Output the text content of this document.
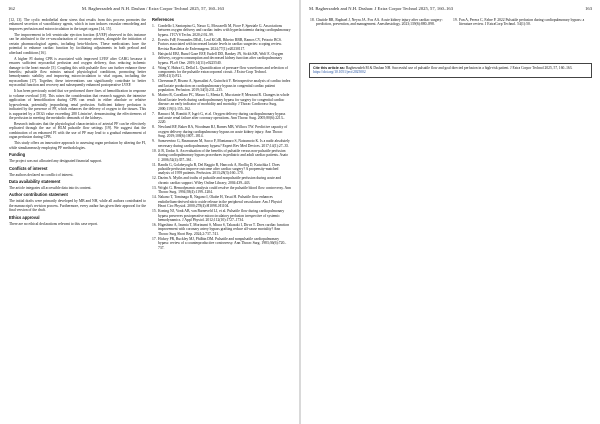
162	M. Bagherzadeh and N.H. Dashan / Extra Corpor Technol 2025, 57, 160–163

[12, 13]. The cyclic endothelial shear stress that results from this process promotes the enhanced secretion of vasodilatory agents, which in turn induces vascular remodeling and improves perfusion and microcirculation in the target organs [14, 15].

The improvement in left ventricular ejection fraction (LVEF) observed in this instance can be attributed to the re-vascularization of coronary arteries, alongside the initiation of certain pharmacological agents, including beta-blockers. These medications have the potential to enhance cardiac function by facilitating adjustments in both preload and afterload conditions [16].

A higher FI during CPB is associated with improved LVEF after CABG because it ensures sufficient myocardial perfusion and oxygen delivery, thus reducing ischemic damage to the heart muscle [5]. Coupling this with pulsatile flow can further enhance these benefits; pulsatile flow mimics natural physiological conditions, promoting better hemodynamic stability and improving microcirculation to vital organs, including the myocardium [17]. Together, these interventions can significantly contribute to better myocardial function and recovery and subsequently enhanced postoperative LVEF.

It has been previously noted that we performed three fixes of hemofiltration in response to volume overload [18]. This raises the consideration that research suggests the intensive application of hemofiltration during CPB can result in either absolute or relative hypovolemia, potentially jeopardizing renal perfusion. Sufficient kidney perfusion is indicated by the presence of PF, which enhances the delivery of oxygen to the tissues. This is supported by a DO2i value exceeding 280 L/min/m², demonstrating the effectiveness of the perfusion in meeting the metabolic demands of the kidneys.

Research indicates that the physiological characteristics of arterial PF can be effectively replicated through the use of HLM pulsatile flow settings [19]. We suggest that the combination of an enhanced FI with the use of PF may lead to a gradual enhancement of organ perfusion during CPB.

This study offers an innovative approach to assessing organ perfusion by altering the FI, while simultaneously employing PF methodologies.

Funding

The project was not allocated any designated financial support.

Conflicts of interest

The authors declared no conflict of interest.

Data availability statement

The article integrates all accessible data into its content.

Author contribution statement

The initial drafts were primarily developed by MB and NH, while all authors contributed to the manuscript's revision process. Furthermore, every author has given their approval for the final version of the draft.

Ethics approval

There are no ethical declarations relevant to this case report.

References
1. Condello I, Santarpino G, Nasso G, Moscarelli M, Fiore F, Speziale G. Associations between oxygen delivery and cardiac index with hyperlactatemia during cardiopulmonary bypass. JTCVS Techn. 2020;2:92–99.
2. Ecevits FdF, Fernandes DEdL, Leal KCdR, Ribeiro RBB, Ramos CV, Peixoto BCS. Factors associated with increased lactate levels in cardiac surgeries: scoping review. Revista Brasileira de Enfermagem. 2024;77(1):e20230117.
3. Haisjackl EBJ, Bunzl Gaze EEF, Eudell DD, Bankey JN, Sickh KB, Wolf E. Oxygen delivery, oxygen consumption and decreased kidney function after cardiopulmonary bypass. PLoS One. 2019;14(11):e0225540.
4. Wang Y, Hahra G, Dellal L. Quantification of pressure-flow waveforms and selection of components for the pulsatile extracorporeal circuit. J Extra-Corp Technol. 2009;41(1):P21.
5. Cheesman P, Bisono A, Spassalini A, Guinchrit Y. Retrospective analysis of cardiac index and lactate production on cardiopulmonary bypass in congenital cardiac patient population. Perfusion. 2019;34(3):231–235.
6. Matteo R, Cavallaro PC, Mauro G, Menta E, Mucciante P, Mezzani R. Changes in whole blood lactate levels during cardiopulmonary bypass for surgery for congenital cardiac disease: an early indicator of morbidity and mortality. J Thorac Cardiovasc Surg. 2000;119(1):155–162.
7. Ranucci M, Romitti F, Isgrò G, et al. Oxygen delivery during cardiopulmonary bypass and acute renal failure after coronary operations. Ann Thorac Surg. 2005;80(6):2213–2220.
8. Newland RF, Baker RA, Woodman RJ, Barnes MB, Willcox TW. Predictive capacity of oxygen delivery during cardiopulmonary bypass on acute kidney injury. Ann Thorac Surg. 2019;108(6):1807–1814.
9. Sanseverino G, Rasmussen M, Sacco F, Montanaro S, Natsumoto K. Is a nadir absolutely necessary during cardiopulmonary bypass? Expert Rev Med Devices. 2017;14(1):27–35.
10. Ji B, Undar A. An evaluation of the benefits of pulsatile versus non-pulsatile perfusion during cardiopulmonary bypass procedures in pediatric and adult cardiac patients. Asaio J. 2006;52(4):357–361.
11. Randis G, Golabeyoglu B, Del Raggio R, Hancock A, Brolliq D, Katschka J. Does pulsatile perfusion improve outcome after cardiac surgery? A propensity-matched analysis of 1959 patients. Perfusion. 2013;28(3):160–170.
12. Dazim A. Myths and truths of pulsatile and nonpulsatile perfusion during acute and chronic cardiac support. Wiley Online Library; 2004:439–443.
13. Wright G. Hemodynamic analysis could resolve the pulsatile blood flow controversy. Ann Thorac Surg. 1994;58(4):1199–1204.
14. Nakano T, Tominaga R, Nagano I, Okabe H, Yasui H. Pulsatile flow enhances endothelium-derived nitric oxide release in the peripheral vasculature. Am J Physiol Heart Circ Physiol. 2000;278(4):H1098–H1104.
15. Koning NJ, Vonk AB, van Barneveld LJ, et al. Pulsatile flow during cardiopulmonary bypass preserves postoperative microcirculatory perfusion irrespective of systemic hemodynamics. J Appl Physiol. 2012;112(10):1727–1734.
16. Higashino A, Izumia T, Morizumi S, Miura S, Takasaki I, Dirva T. Does cardiac function improvement with coronary artery bypass grafting reduce all-cause mortality? Ann Thorac Surg Short Rep. 2024;2:737–741.
17. Hickey PR, Buckley MJ, Philbin DM. Pulsatile and nonpulsatile cardiopulmonary bypass: review of a counterproductive controversy. Ann Thorac Surg. 1983;36(6):720–737.
M. Bagherzadeh and N.H. Dashan: J Extra Corpor Technol 2025, 57, 160–163	163
18. Chutide BR, Raphael J, Neyra JA. Fox AA. Acute kidney injury after cardiac surgery: prediction, prevention, and management. Anesthesiology. 2023;139(6):880–898.
19. Fan A, Perera C, Fabre P. 2022 Pulsatile perfusion during cardiopulmonary bypass: a literature review. J ExtraCorp Technol. 54(1):50.
Cite this article as: Bagherzadeh M & Dashan NH. Successful use of pulsatile flow and goal directed perfusion in a high-risk patient. J Extra Corpor Technol 2025, 57, 160–163. https://doi.org/10.1051/ject/2025002
